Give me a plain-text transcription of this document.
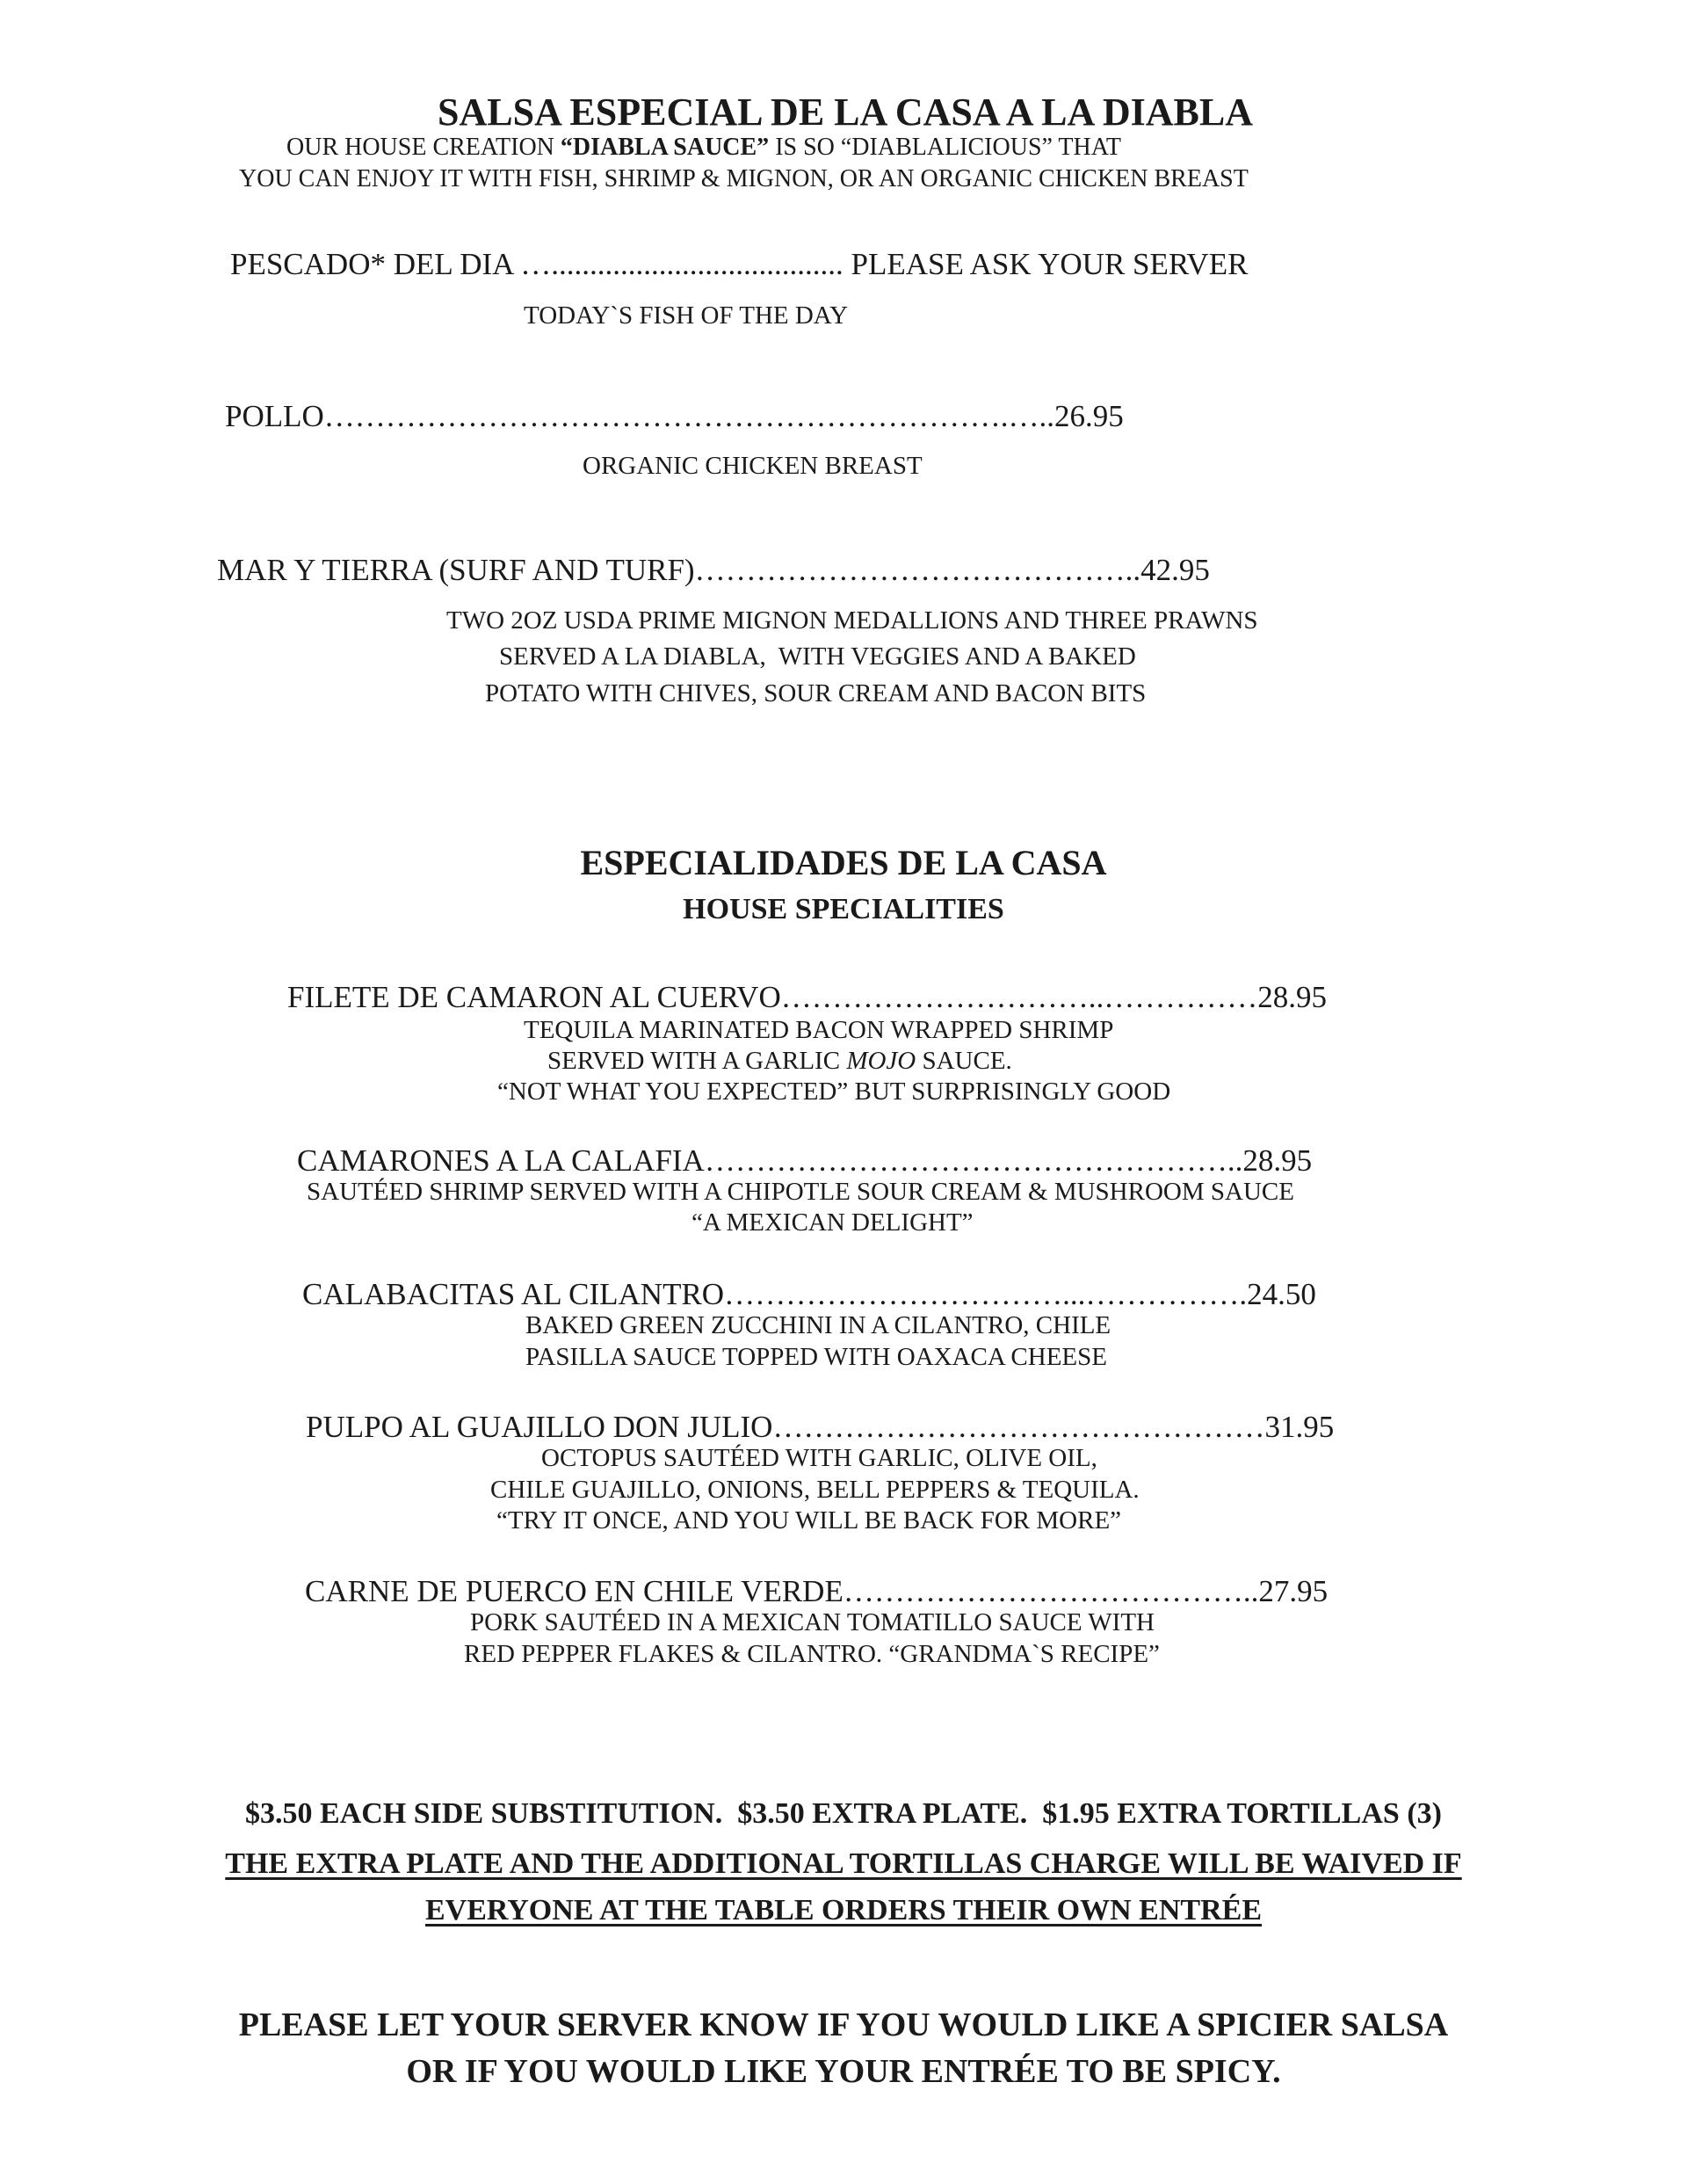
SALSA ESPECIAL DE LA CASA A LA DIABLA
OUR HOUSE CREATION “DIABLA SAUCE” IS SO “DIABLALICIOUS” THAT
YOU CAN ENJOY IT WITH FISH, SHRIMP & MIGNON, OR AN ORGANIC CHICKEN BREAST
PESCADO* DEL DIA …...................................... PLEASE ASK YOUR SERVER
TODAY`S FISH OF THE DAY
POLLO………………………………………………………….…..26.95
ORGANIC CHICKEN BREAST
MAR Y TIERRA (SURF AND TURF)……………………………………..42.95
TWO 2OZ USDA PRIME MIGNON MEDALLIONS AND THREE PRAWNS
SERVED A LA DIABLA,  WITH VEGGIES AND A BAKED
POTATO WITH CHIVES, SOUR CREAM AND BACON BITS
ESPECIALIDADES DE LA CASA
HOUSE SPECIALITIES
FILETE DE CAMARON AL CUERVO…………………………..……………28.95
TEQUILA MARINATED BACON WRAPPED SHRIMP
SERVED WITH A GARLIC MOJO SAUCE.
“NOT WHAT YOU EXPECTED” BUT SURPRISINGLY GOOD
CAMARONES A LA CALAFIA……………………………………………..28.95
SAUTÉED SHRIMP SERVED WITH A CHIPOTLE SOUR CREAM & MUSHROOM SAUCE
“A MEXICAN DELIGHT”
CALABACITAS AL CILANTRO……………………………...…………….24.50
BAKED GREEN ZUCCHINI IN A CILANTRO, CHILE
PASILLA SAUCE TOPPED WITH OAXACA CHEESE
PULPO AL GUAJILLO DON JULIO…………………………………………31.95
OCTOPUS SAUTÉED WITH GARLIC, OLIVE OIL,
CHILE GUAJILLO, ONIONS, BELL PEPPERS & TEQUILA.
“TRY IT ONCE, AND YOU WILL BE BACK FOR MORE”
CARNE DE PUERCO EN CHILE VERDE…………………………………..27.95
PORK SAUTÉED IN A MEXICAN TOMATILLO SAUCE WITH
RED PEPPER FLAKES & CILANTRO. “GRANDMA`S RECIPE”
$3.50 EACH SIDE SUBSTITUTION.  $3.50 EXTRA PLATE.  $1.95 EXTRA TORTILLAS (3)
THE EXTRA PLATE AND THE ADDITIONAL TORTILLAS CHARGE WILL BE WAIVED IF
EVERYONE AT THE TABLE ORDERS THEIR OWN ENTRÉE
PLEASE LET YOUR SERVER KNOW IF YOU WOULD LIKE A SPICIER SALSA
OR IF YOU WOULD LIKE YOUR ENTRÉE TO BE SPICY.
